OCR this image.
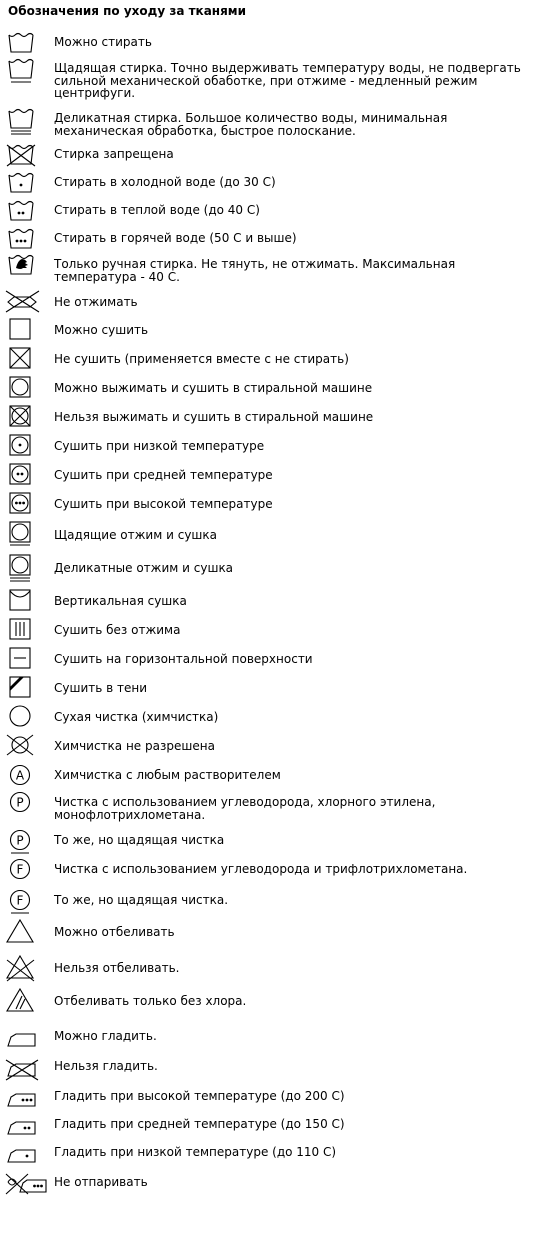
Обозначения по уходу за тканями
Можно стирать
Щадящая стирка. Точно выдерживать температуру воды, не подвергать
сильной механической обаботке, при отжиме - медленный режим
центрифуги.
Деликатная стирка. Большое количество воды, минимальная
механическая обработка, быстрое полоскание.
Стирка запрещена
Стирать в холодной воде (до 30 С)
Стирать в теплой воде (до 40 С)
Стирать в горячей воде (50 С и выше)
Только ручная стирка. Не тянуть, не отжимать. Максимальная
температура - 40 С.
Не отжимать
Можно сушить
Не сушить (применяется вместе с не стирать)
Можно выжимать и сушить в стиральной машине
Нельзя выжимать и сушить в стиральной машине
Сушить при низкой температуре
Сушить при средней температуре
Сушить при высокой температуре
Щадящие отжим и сушка
Деликатные отжим и сушка
Вертикальная сушка
Сушить без отжима
Сушить на горизонтальной поверхности
Сушить в тени
Сухая чистка (химчистка)
Химчистка не разрешена
A Химчистка с любым растворителем
P	Чистка с использованием углеводорода, хлорного этилена,
монофлотрихлометана.
P	То же, но щадящая чистка
F	Чистка с использованием углеводорода и трифлотрихлометана.
F	То же, но щадящая чистка.
Можно отбеливать
Нельзя отбеливать.
Отбеливать только без хлора.
Можно гладить.
Нельзя гладить.
Гладить при высокой температуре (до 200 С)
Гладить при средней температуре (до 150 С)
Гладить при низкой температуре (до 110 С)
Не отпаривать
